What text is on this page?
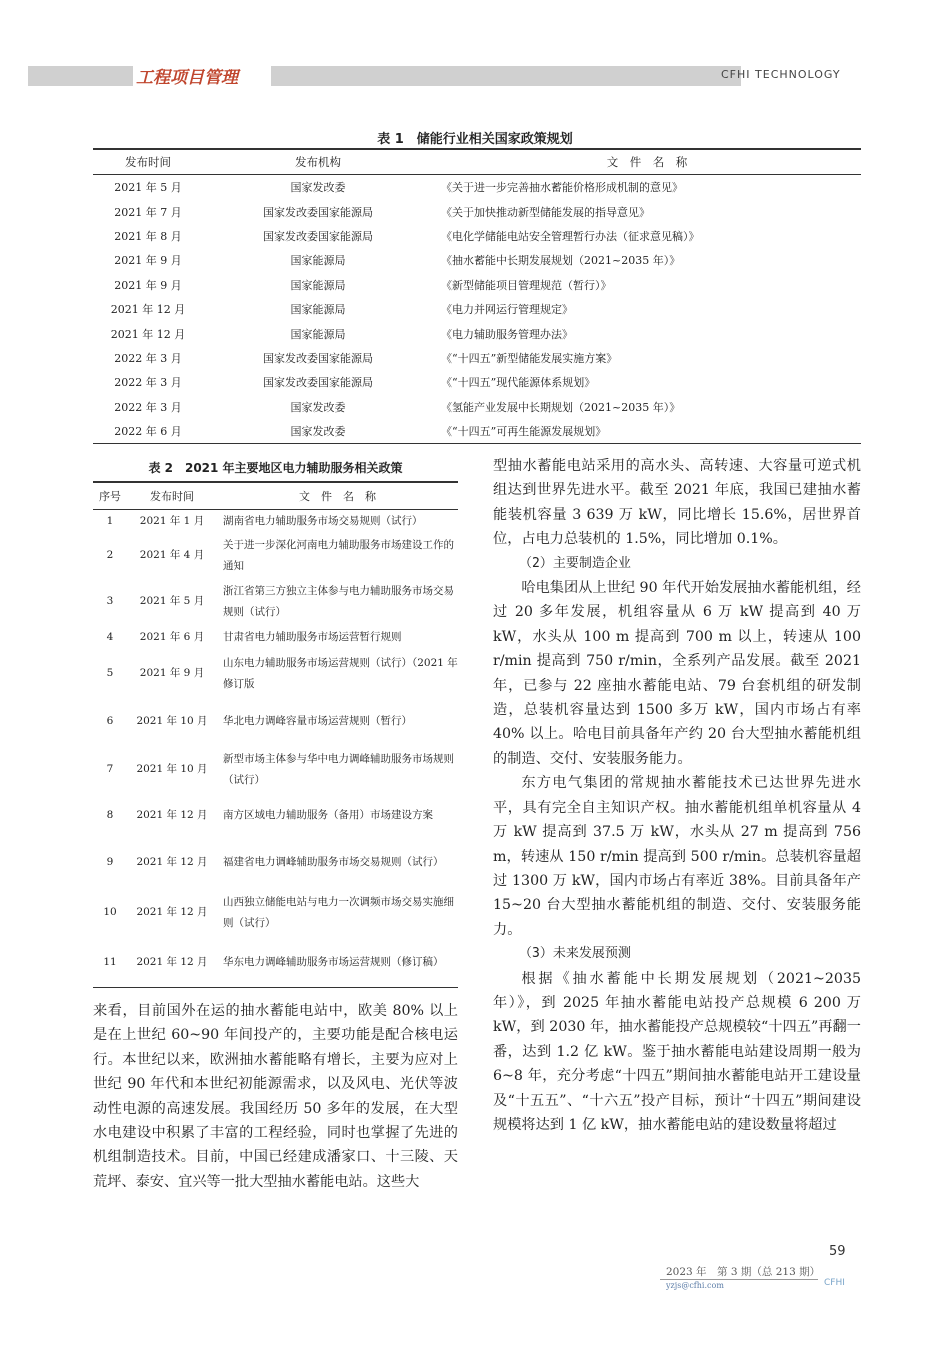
工程项目管理	CFHI TECHNOLOGY
表 1　储能行业相关国家政策规划
发布时间	发布机构	文　件　名　称
2021 年 5 月	国家发改委	《关于进一步完善抽水蓄能价格形成机制的意见》
2021 年 7 月	国家发改委国家能源局	《关于加快推动新型储能发展的指导意见》
2021 年 8 月	国家发改委国家能源局	《电化学储能电站安全管理暂行办法（征求意见稿）》
2021 年 9 月	国家能源局	《抽水蓄能中长期发展规划（2021~2035 年）》
2021 年 9 月	国家能源局	《新型储能项目管理规范（暂行）》
2021 年 12 月	国家能源局	《电力并网运行管理规定》
2021 年 12 月	国家能源局	《电力辅助服务管理办法》
2022 年 3 月	国家发改委国家能源局	《“十四五”新型储能发展实施方案》
2022 年 3 月	国家发改委国家能源局	《“十四五”现代能源体系规划》
2022 年 3 月	国家发改委	《氢能产业发展中长期规划（2021~2035 年）》
2022 年 6 月	国家发改委	《“十四五”可再生能源发展规划》
表 2　2021 年主要地区电力辅助服务相关政策
序号	发布时间	文　件　名　称
1	2021 年 1 月	湖南省电力辅助服务市场交易规则（试行）
2	2021 年 4 月	关于进一步深化河南电力辅助服务市场建设工作的通知
3	2021 年 5 月	浙江省第三方独立主体参与电力辅助服务市场交易规则（试行）
4	2021 年 6 月	甘肃省电力辅助服务市场运营暂行规则
5	2021 年 9 月	山东电力辅助服务市场运营规则（试行）（2021 年修订版
6	2021 年 10 月	华北电力调峰容量市场运营规则（暂行）
7	2021 年 10 月	新型市场主体参与华中电力调峰辅助服务市场规则（试行）
8	2021 年 12 月	南方区域电力辅助服务（备用）市场建设方案
9	2021 年 12 月	福建省电力调峰辅助服务市场交易规则（试行）
10	2021 年 12 月	山西独立储能电站与电力一次调频市场交易实施细则（试行）
11	2021 年 12 月	华东电力调峰辅助服务市场运营规则（修订稿）

来看，目前国外在运的抽水蓄能电站中，欧美 80% 以上是在上世纪 60~90 年间投产的，主要功能是配合核电运行。本世纪以来，欧洲抽水蓄能略有增长，主要为应对上世纪 90 年代和本世纪初能源需求，以及风电、光伏等波动性电源的高速发展。我国经历 50 多年的发展，在大型水电建设中积累了丰富的工程经验，同时也掌握了先进的机组制造技术。目前，中国已经建成潘家口、十三陵、天荒坪、泰安、宜兴等一批大型抽水蓄能电站。这些大

型抽水蓄能电站采用的高水头、高转速、大容量可逆式机组达到世界先进水平。截至 2021 年底，我国已建抽水蓄能装机容量 3 639 万 kW，同比增长 15.6%，居世界首位，占电力总装机的 1.5%，同比增加 0.1%。

（2）主要制造企业

哈电集团从上世纪 90 年代开始发展抽水蓄能机组，经过 20 多年发展，机组容量从 6 万 kW 提高到 40 万 kW，水头从 100 m 提高到 700 m 以上，转速从 100 r/min 提高到 750 r/min，全系列产品发展。截至 2021 年，已参与 22 座抽水蓄能电站、79 台套机组的研发制造，总装机容量达到 1500 多万 kW，国内市场占有率 40% 以上。哈电目前具备年产约 20 台大型抽水蓄能机组的制造、交付、安装服务能力。

东方电气集团的常规抽水蓄能技术已达世界先进水平，具有完全自主知识产权。抽水蓄能机组单机容量从 4 万 kW 提高到 37.5 万 kW，水头从 27 m 提高到 756 m，转速从 150 r/min 提高到 500 r/min。总装机容量超过 1300 万 kW，国内市场占有率近 38%。目前具备年产 15~20 台大型抽水蓄能机组的制造、交付、安装服务能力。

（3）未来发展预测

根据《抽水蓄能中长期发展规划（2021~2035 年）》，到 2025 年抽水蓄能电站投产总规模 6 200 万 kW，到 2030 年，抽水蓄能投产总规模较“十四五”再翻一番，达到 1.2 亿 kW。鉴于抽水蓄能电站建设周期一般为 6~8 年，充分考虑“十四五”期间抽水蓄能电站开工建设量及“十五五”、“十六五”投产目标，预计“十四五”期间建设规模将达到 1 亿 kW，抽水蓄能电站的建设数量将超过

59
2023 年　第 3 期（总 213 期）
yzjs@cfhi.com	CFHI
